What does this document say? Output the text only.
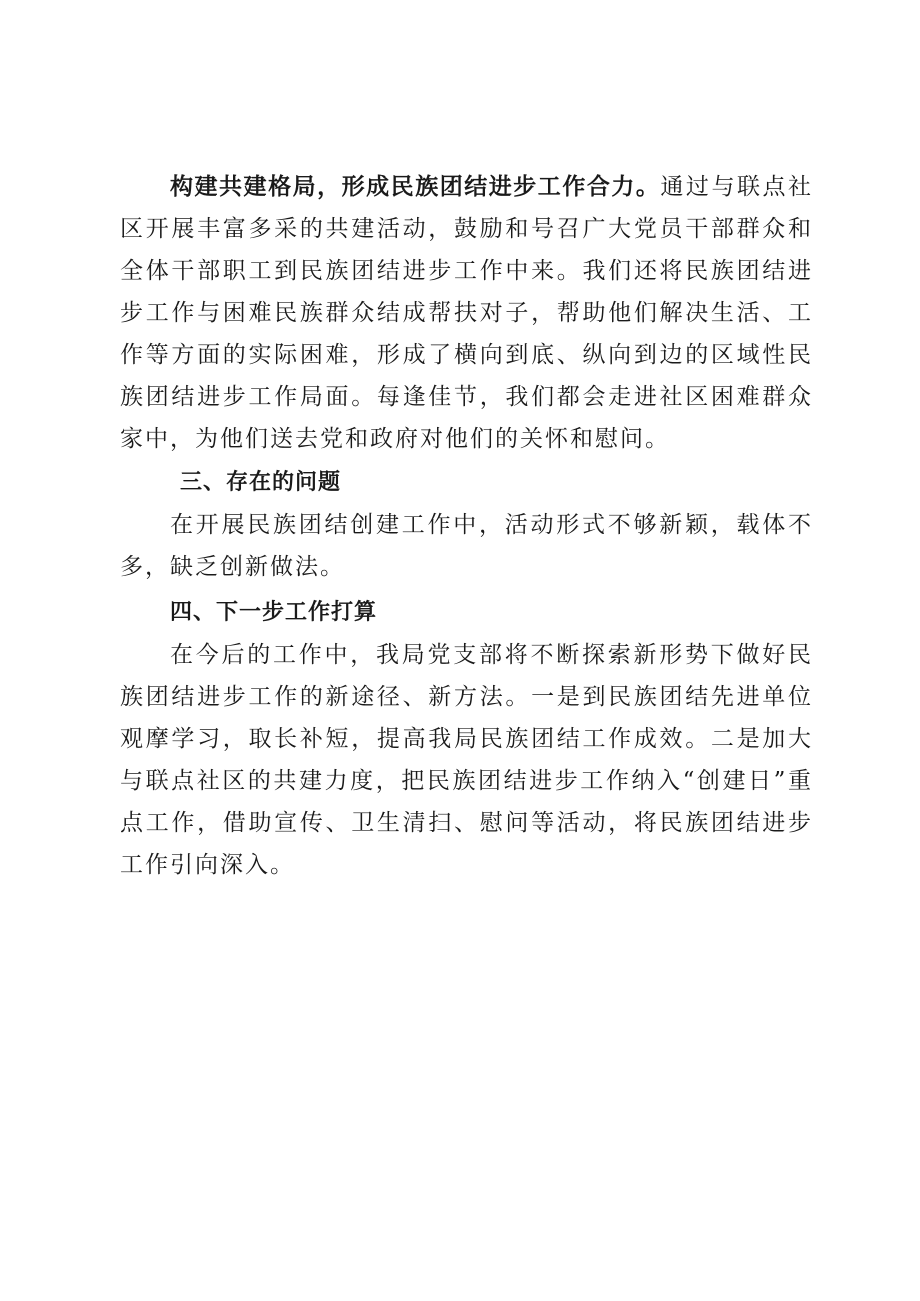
构建共建格局，形成民族团结进步工作合力。通过与联点社区开展丰富多采的共建活动，鼓励和号召广大党员干部群众和全体干部职工到民族团结进步工作中来。我们还将民族团结进步工作与困难民族群众结成帮扶对子，帮助他们解决生活、工作等方面的实际困难，形成了横向到底、纵向到边的区域性民族团结进步工作局面。每逢佳节，我们都会走进社区困难群众家中，为他们送去党和政府对他们的关怀和慰问。

三、存在的问题

在开展民族团结创建工作中，活动形式不够新颖，载体不多，缺乏创新做法。

四、下一步工作打算

在今后的工作中，我局党支部将不断探索新形势下做好民族团结进步工作的新途径、新方法。一是到民族团结先进单位观摩学习，取长补短，提高我局民族团结工作成效。二是加大与联点社区的共建力度，把民族团结进步工作纳入“创建日”重点工作，借助宣传、卫生清扫、慰问等活动，将民族团结进步工作引向深入。
